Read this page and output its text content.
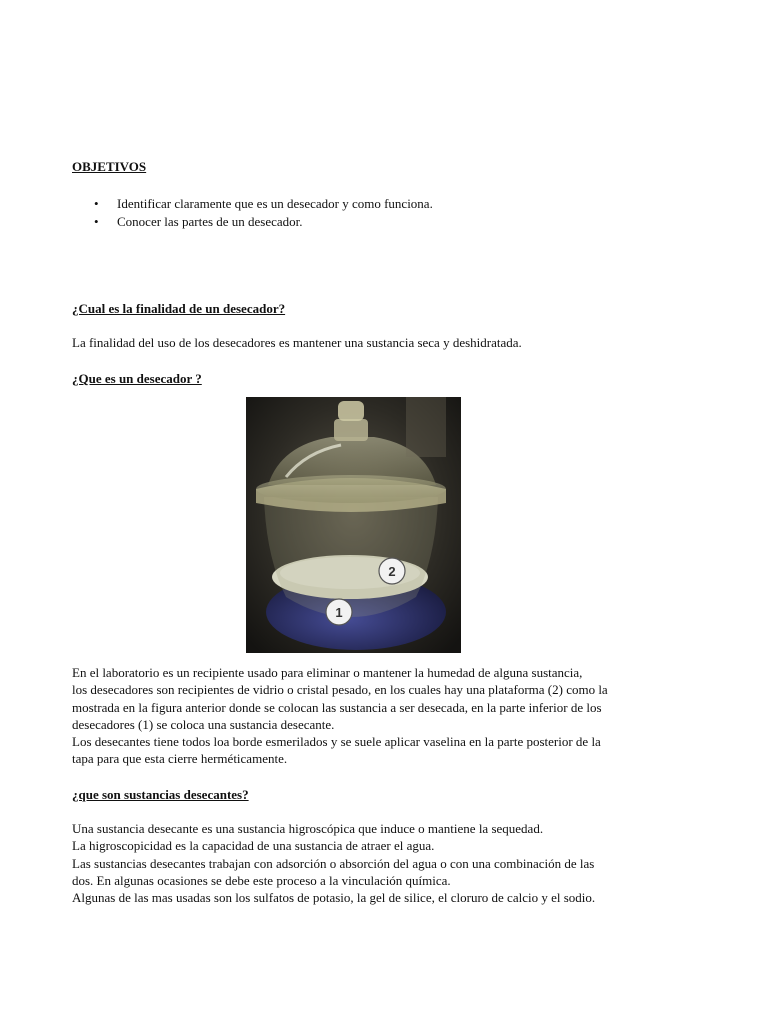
OBJETIVOS
• Identificar claramente que es un desecador y como funciona.
• Conocer las partes de un desecador.
¿Cual es la finalidad de un desecador?
La finalidad del uso de los desecadores es mantener una sustancia seca y deshidratada.
¿Que es un desecador ?
2
1
En el laboratorio es un recipiente usado para eliminar o mantener la humedad de alguna sustancia,
los desecadores son recipientes de vidrio o cristal pesado, en los cuales hay una plataforma (2) como la
mostrada en la figura anterior donde se colocan las sustancia a ser desecada, en la parte inferior de los
desecadores (1) se coloca una sustancia desecante.
Los desecantes tiene todos loa borde esmerilados y se suele aplicar vaselina en la parte posterior de la
tapa para que esta cierre herméticamente.
¿que son sustancias desecantes?
Una sustancia desecante es una sustancia higroscópica que induce o mantiene la sequedad.
La higroscopicidad es la capacidad de una sustancia de atraer el agua.
Las sustancias desecantes trabajan con adsorción o absorción del agua o con una combinación de las
dos. En algunas ocasiones se debe este proceso a la vinculación química.
Algunas de las mas usadas son los sulfatos de potasio, la gel de silice, el cloruro de calcio y el sodio.
